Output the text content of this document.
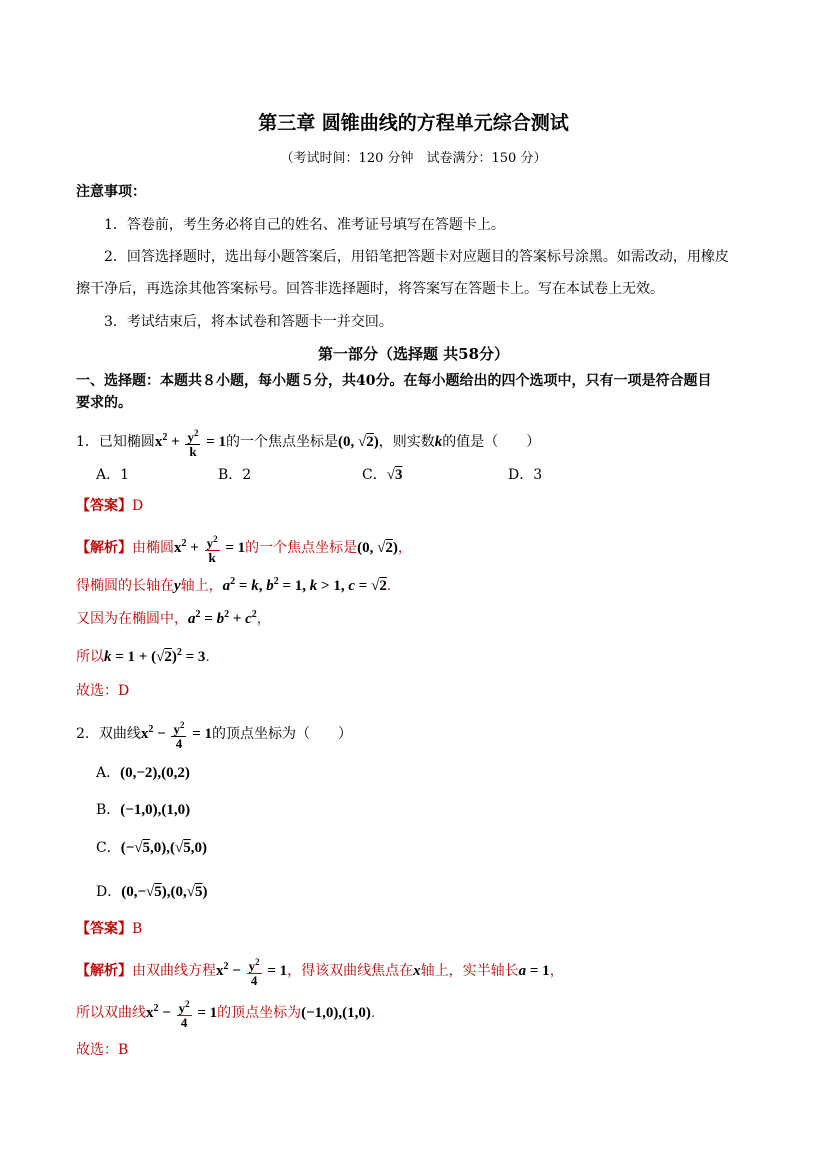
第三章 圆锥曲线的方程单元综合测试
（考试时间：120 分钟　试卷满分：150 分）
注意事项：
1．答卷前，考生务必将自己的姓名、准考证号填写在答题卡上。
2．回答选择题时，选出每小题答案后，用铅笔把答题卡对应题目的答案标号涂黑。如需改动，用橡皮
擦干净后，再选涂其他答案标号。回答非选择题时，将答案写在答题卡上。写在本试卷上无效。
3．考试结束后，将本试卷和答题卡一并交回。
第一部分（选择题 共58分）
一、选择题：本题共８小题，每小题５分，共40分。在每小题给出的四个选项中，只有一项是符合题目
要求的。
1．已知椭圆$x^2 + \frac{y^2}{k} = 1$的一个焦点坐标是(0, √2)，则实数k的值是（　　）
A．1	B．2	C．√3	D．3
【答案】D
【解析】由椭圆$x^2 + \frac{y^2}{k} = 1$的一个焦点坐标是(0, √2)，
得椭圆的长轴在y轴上，$a^2 = k$, $b^2 = 1$, k > 1, c = √2.
又因为在椭圆中，$a^2 = b^2 + c^2$，
所以$k = 1 + (√2)^2 = 3$.
故选：D
2．双曲线$x^2 - \frac{y^2}{4} = 1$的顶点坐标为（　　）
A．(0,−2),(0,2)
B．(−1,0),(1,0)
C．(−√5,0),(√5,0)
D．(0,−√5),(0,√5)
【答案】B
【解析】由双曲线方程$x^2 - \frac{y^2}{4} = 1$，得该双曲线焦点在x轴上，实半轴长a = 1，
所以双曲线$x^2 - \frac{y^2}{4} = 1$的顶点坐标为(−1,0),(1,0).
故选：B
